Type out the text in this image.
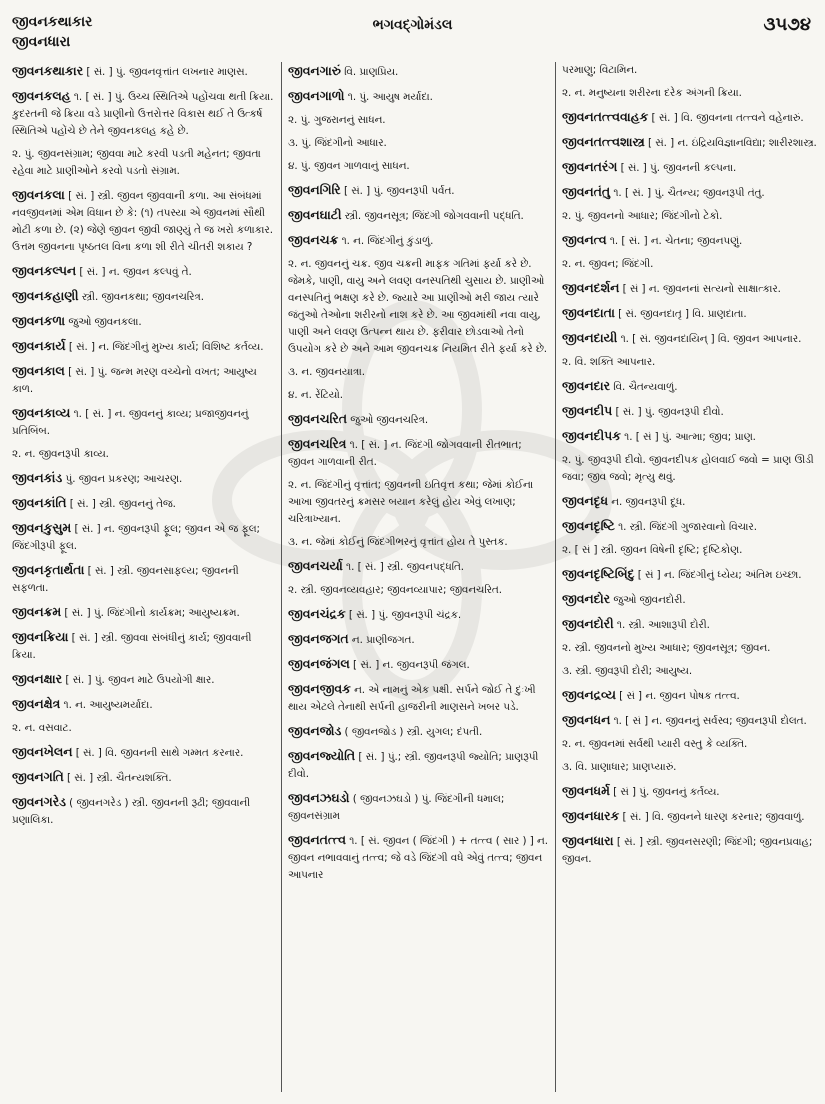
જીવનકથાકાર
જીવનધારા
ભગવદ્ગોમંડલ	૩૫૭૪
જીવનકથાકાર [ સં. ] પું. જીવનવૃત્તાંત લખનાર માણસ.
જીવનકલહ ૧. [ સં. ] પું. ઉચ્ચ સ્થિતિએ પહોંચવા થતી ક્રિયા. કુદરતની જે ક્રિયા વડે પ્રાણીનો ઉત્તરોત્તર વિકાસ થઈ તે ઉત્કર્ષ સ્થિતિએ પહોંચે છે તેને જીવનકલહ કહે છે.
૨. પું. જીવનસંગ્રામ; જીવવા માટે કરવી પડતી મહેનત; જીવતા રહેવા માટે પ્રાણીઓને કરવો પડતો સંગ્રામ.
જીવનકલા [ સં. ] સ્ત્રી. જીવન જીવવાની કળા. આ સંબંધમાં નવજીવનમાં એમ વિધાન છે કે: (૧) તપસ્યા એ જીવનમાં સૌથી મોટી કળા છે. (૨) જેણે જીવન જીવી જાણ્યું તે જ ખરો કળાકાર. ઉત્તમ જીવનના પૃષ્ઠતલ વિના કળા શી રીતે ચીતરી શકાય ?
જીવનકલ્પન [ સં. ] ન. જીવન કલ્પવું તે.
જીવનકહાણી સ્ત્રી. જીવનકથા; જીવનચરિત્ર.
જીવનકળા જુઓ જીવનકલા.
જીવનકાર્ય [ સં. ] ન. જિંદગીનું મુખ્ય કાર્ય; વિશિષ્ટ કર્તવ્ય.
જીવનકાલ [ સં. ] પું. જન્મ મરણ વચ્ચેનો વખત; આયુષ્ય કાળ.
જીવનકાવ્ય ૧. [ સં. ] ન. જીવનનું કાવ્ય; પ્રજાજીવનનું પ્રતિબિંબ.
૨. ન. જીવનરૂપી કાવ્ય.
જીવનકાંડ પું. જીવન પ્રકરણ; આચરણ.
જીવનકાંતિ [ સં. ] સ્ત્રી. જીવનનું તેજ.
જીવનકુસુમ [ સં. ] ન. જીવનરૂપી ફૂલ; જીવન એ જ ફૂલ; જિંદગીરૂપી ફૂલ.
જીવનકૃતાર્થતા [ સં. ] સ્ત્રી. જીવનસાફલ્ય; જીવનની સફળતા.
જીવનક્રમ [ સં. ] પું. જિંદગીનો કાર્યક્રમ; આયુષ્યક્રમ.
જીવનક્રિયા [ સં. ] સ્ત્રી. જીવવા સંબંધીનું કાર્ય; જીવવાની ક્રિયા.
જીવનક્ષાર [ સં. ] પું. જીવન માટે ઉપયોગી ક્ષાર.
જીવનક્ષેત્ર ૧. ન. આયુષ્યમર્યાદા.
૨. ન. વસવાટ.
જીવનખેલન [ સં. ] વિ. જીવનની સાથે ગમ્મત કરનાર.
જીવનગતિ [ સં. ] સ્ત્રી. ચૈતન્યશક્તિ.
જીવનગરેડ ( જીવનગરેડ ) સ્ત્રી. જીવનની રૂઢી; જીવવાની પ્રણાલિકા.
જીવનગારું વિ. પ્રાણપ્રિય.
જીવનગાળો ૧. પું. આયુષ મર્યાદા.
૨. પું. ગુજરાનનું સાધન.
૩. પું. જિંદગીનો આધાર.
૪. પું. જીવન ગાળવાનું સાધન.
જીવનગિરિ [ સં. ] પું. જીવનરૂપી પર્વત.
જીવનઘાટી સ્ત્રી. જીવનસૂત્ર; જિંદગી જોગવવાની પદ્ધતિ.
જીવનચક્ર ૧. ન. જિંદગીનું કુંડાળું.
૨. ન. જીવનનું ચક્ર. જીવ ચક્રની માફક ગતિમાં ફર્યા કરે છે. જેમકે, પાણી, વાયુ અને લવણ વનસ્પતિથી ચુસાય છે. પ્રાણીઓ વનસ્પતિનું ભક્ષણ કરે છે. જ્યારે આ પ્રાણીઓ મરી જાય ત્યારે જંતુઓ તેઓના શરીરનો નાશ કરે છે. આ જીવમાંથી નવા વાયુ, પાણી અને લવણ ઉત્પન્ન થાય છે. ફરીવાર છોડવાઓ તેનો ઉપયોગ કરે છે અને આમ જીવનચક્ર નિયમિત રીતે ફર્યા કરે છે.
૩. ન. જીવનયાત્રા.
૪. ન. રેંટિયો.
જીવનચરિત જુઓ જીવનચરિત્ર.
જીવનચરિત્ર ૧. [ સં. ] ન. જિંદગી જોગવવાની રીતભાત; જીવન ગાળવાની રીત.
૨. ન. જિંદગીનું વૃત્તાંત; જીવનની ઇતિવૃત્ત કથા; જેમાં કોઈના આખા જીવતરનું ક્રમસર બયાન કરેલું હોય એવું લખાણ; ચરિત્રાખ્યાન.
૩. ન. જેમાં કોઈનું જિંદગીભરનું વૃત્તાંત હોય તે પુસ્તક.
જીવનચર્યા ૧. [ સં. ] સ્ત્રી. જીવનપદ્ધતિ.
૨. સ્ત્રી. જીવનવ્યવહાર; જીવનવ્યાપાર; જીવનચરિત.
જીવનચંદ્રક [ સં. ] પું. જીવનરૂપી ચંદ્રક.
જીવનજગત ન. પ્રાણીજગત.
જીવનજંગલ [ સં. ] ન. જીવનરૂપી જંગલ.
જીવનજીવક ન. એ નામનું એક પક્ષી. સર્પને જોઈ તે દુઃખી થાય એટલે તેનાથી સર્પની હાજરીની માણસને ખબર પડે.
જીવનજોડ ( જીવનજોડ ) સ્ત્રી. યુગલ; દંપતી.
જીવનજ્યોતિ [ સં. ] પું.; સ્ત્રી. જીવનરૂપી જ્યોતિ; પ્રાણરૂપી દીવો.
જીવનઝઘડો ( જીવનઝઘડો ) પું. જિંદગીની ધમાલ; જીવનસંગ્રામ
જીવનતત્ત્વ ૧. [ સં. જીવન ( જિંદગી ) + તત્ત્વ ( સાર ) ] ન. જીવન નભાવવાનું તત્ત્વ; જે વડે જિંદગી વધે એવું તત્ત્વ; જીવન આપનાર
પરમાણુ; વિટામિન.
૨. ન. મનુષ્યના શરીરના દરેક અંગની ક્રિયા.
જીવનતત્ત્વવાહક [ સં. ] વિ. જીવનના તત્ત્વને વહેનારું.
જીવનતત્ત્વશાસ્ત્ર [ સં. ] ન. ઇંદ્રિયવિજ્ઞાનવિદ્યા; શારીરશાસ્ત્ર.
જીવનતરંગ [ સં. ] પું. જીવનની કલ્પના.
જીવનતંતુ ૧. [ સં. ] પું. ચૈતન્ય; જીવનરૂપી તંતુ.
૨. પું. જીવનનો આધાર; જિંદગીનો ટેકો.
જીવનત્વ ૧. [ સં. ] ન. ચેતના; જીવનપણું.
૨. ન. જીવન; જિંદગી.
જીવનદર્શન [ સં ] ન. જીવનનાં સત્યનો સાક્ષાત્કાર.
જીવનદાતા [ સં. જીવનદાતૃ ] વિ. પ્રાણદાતા.
જીવનદાયી ૧. [ સં. જીવનદાયિન્ ] વિ. જીવન આપનાર.
૨. વિ. શક્તિ આપનાર.
જીવનદાર વિ. ચૈતન્યવાળું.
જીવનદીપ [ સં. ] પું. જીવનરૂપી દીવો.
જીવનદીપક ૧. [ સં ] પું. આત્મા; જીવ; પ્રાણ.
૨. પું. જીવરૂપી દીવો. જીવનદીપક હોલવાઈ જવો = પ્રાણ ઊડી જવા; જીવ જવો; મૃત્યુ થવું.
જીવનદૃધ ન. જીવનરૂપી દૂધ.
જીવનદૃષ્ટિ ૧. સ્ત્રી. જિંદગી ગુજારવાનો વિચાર.
૨. [ સં ] સ્ત્રી. જીવન વિષેની દૃષ્ટિ; દૃષ્ટિકોણ.
જીવનદૃષ્ટિબિંદુ [ સં ] ન. જિંદગીનું ધ્યેય; અંતિમ ઇચ્છા.
જીવનદોર જુઓ જીવનદોરી.
જીવનદોરી ૧. સ્ત્રી. આશારૂપી દોરી.
૨. સ્ત્રી. જીવનનો મુખ્ય આધાર; જીવનસૂત્ર; જીવન.
૩. સ્ત્રી. જીવરૂપી દોરી; આયુષ્ય.
જીવનદ્રવ્ય [ સં ] ન. જીવન પોષક તત્ત્વ.
જીવનધન ૧. [ સં ] ન. જીવનનું સર્વસ્વ; જીવનરૂપી દોલત.
૨. ન. જીવનમાં સર્વથી પ્યારી વસ્તુ કે વ્યક્તિ.
૩. વિ. પ્રાણાધાર; પ્રાણપ્યારું.
જીવનધર્મ [ સં ] પું. જીવનનું કર્તવ્ય.
જીવનધારક [ સં. ] વિ. જીવનને ધારણ કરનાર; જીવવાળું.
જીવનધારા [ સં. ] સ્ત્રી. જીવનસરણી; જિંદગી; જીવનપ્રવાહ; જીવન.
